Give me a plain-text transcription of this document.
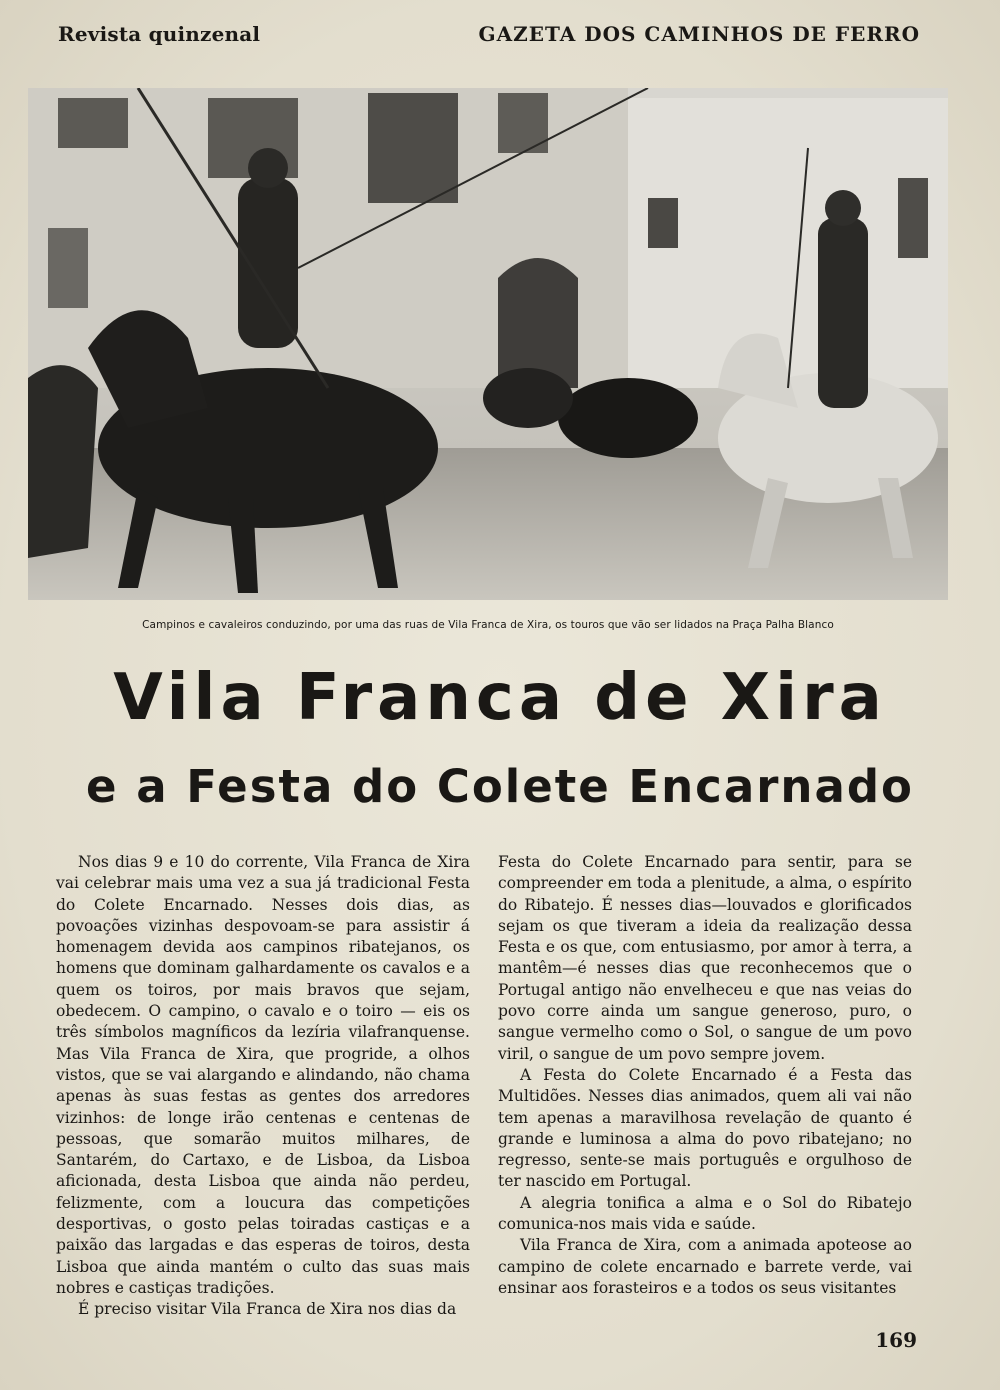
Revista quinzenal	GAZETA DOS CAMINHOS DE FERRO
Campinos e cavaleiros conduzindo, por uma das ruas de Vila Franca de Xira, os touros que vão ser lidados na Praça Palha Blanco
Vila Franca de Xira
e a Festa do Colete Encarnado

Nos dias 9 e 10 do corrente, Vila Franca de Xira vai celebrar mais uma vez a sua já tradicional Festa do Colete Encarnado. Nesses dois dias, as povoações vizinhas despovoam-se para assistir á homenagem devida aos campinos ribatejanos, os homens que dominam galhardamente os cavalos e a quem os toiros, por mais bravos que sejam, obedecem. O campino, o cavalo e o toiro — eis os três símbolos magníficos da lezíria vilafranquense. Mas Vila Franca de Xira, que progride, a olhos vistos, que se vai alargando e alindando, não chama apenas às suas festas as gentes dos arredores vizinhos: de longe irão centenas e centenas de pessoas, que somarão muitos milhares, de Santarém, do Cartaxo, e de Lisboa, da Lisboa aficionada, desta Lisboa que ainda não perdeu, felizmente, com a loucura das competições desportivas, o gosto pelas toiradas castiças e a paixão das largadas e das esperas de toiros, desta Lisboa que ainda mantém o culto das suas mais nobres e castiças tradições.

É preciso visitar Vila Franca de Xira nos dias da

Festa do Colete Encarnado para sentir, para se compreender em toda a plenitude, a alma, o espírito do Ribatejo. É nesses dias—louvados e glorificados sejam os que tiveram a ideia da realização dessa Festa e os que, com entusiasmo, por amor à terra, a mantêm—é nesses dias que reconhecemos que o Portugal antigo não envelheceu e que nas veias do povo corre ainda um sangue generoso, puro, o sangue vermelho como o Sol, o sangue de um povo viril, o sangue de um povo sempre jovem.

A Festa do Colete Encarnado é a Festa das Multidões. Nesses dias animados, quem ali vai não tem apenas a maravilhosa revelação de quanto é grande e luminosa a alma do povo ribatejano; no regresso, sente-se mais português e orgulhoso de ter nascido em Portugal.

A alegria tonifica a alma e o Sol do Ribatejo comunica-nos mais vida e saúde.

Vila Franca de Xira, com a animada apoteose ao campino de colete encarnado e barrete verde, vai ensinar aos forasteiros e a todos os seus visitantes

169
